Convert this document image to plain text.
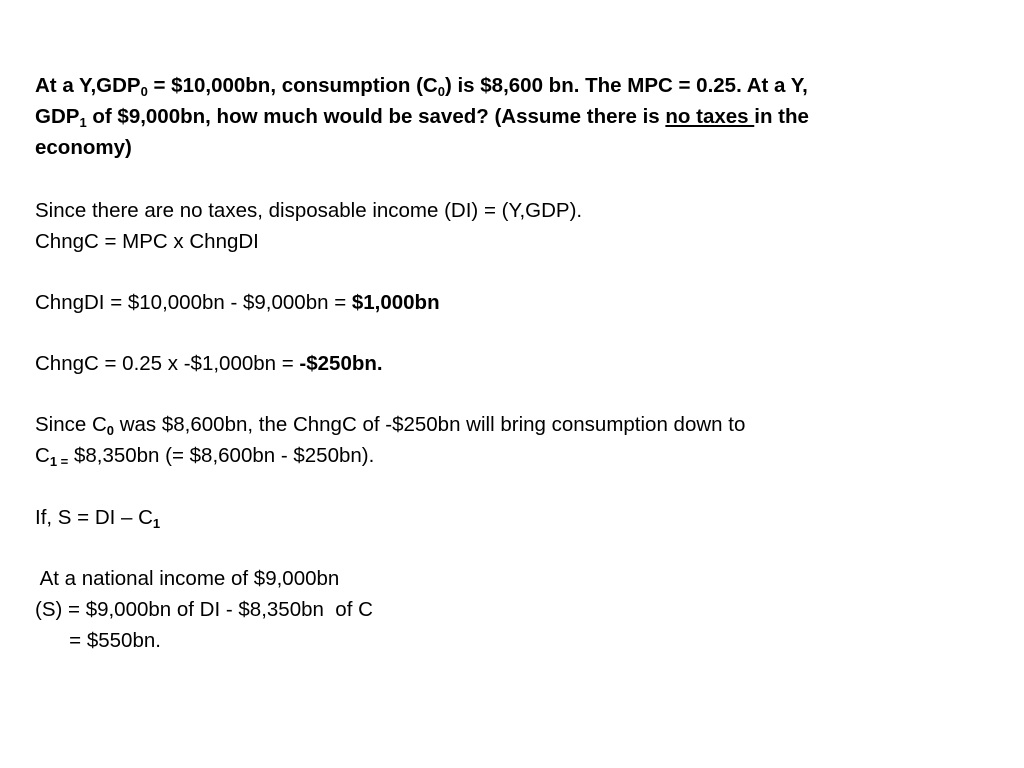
At a $Y,GDP_0$ = $10,000bn, consumption $(C_0)$ is $8,600 bn. The MPC = 0.25. At a Y,
$GDP_1$ of $9,000bn, how much would be saved? (Assume there is no taxes in the
economy)
Since there are no taxes, disposable income (DI) = (Y,GDP).
ChngC = MPC x ChngDI
ChngDI = $10,000bn - $9,000bn = $1,000bn
ChngC = 0.25 x -$1,000bn = -$250bn.
Since $C_0$ was $8,600bn, the ChngC of -$250bn will bring consumption down to
$C_{1 =}$ $8,350bn (= $8,600bn - $250bn).
If, S = DI – $C_1$
At a national income of $9,000bn
(S) = $9,000bn of DI - $8,350bn  of C
= $550bn.
